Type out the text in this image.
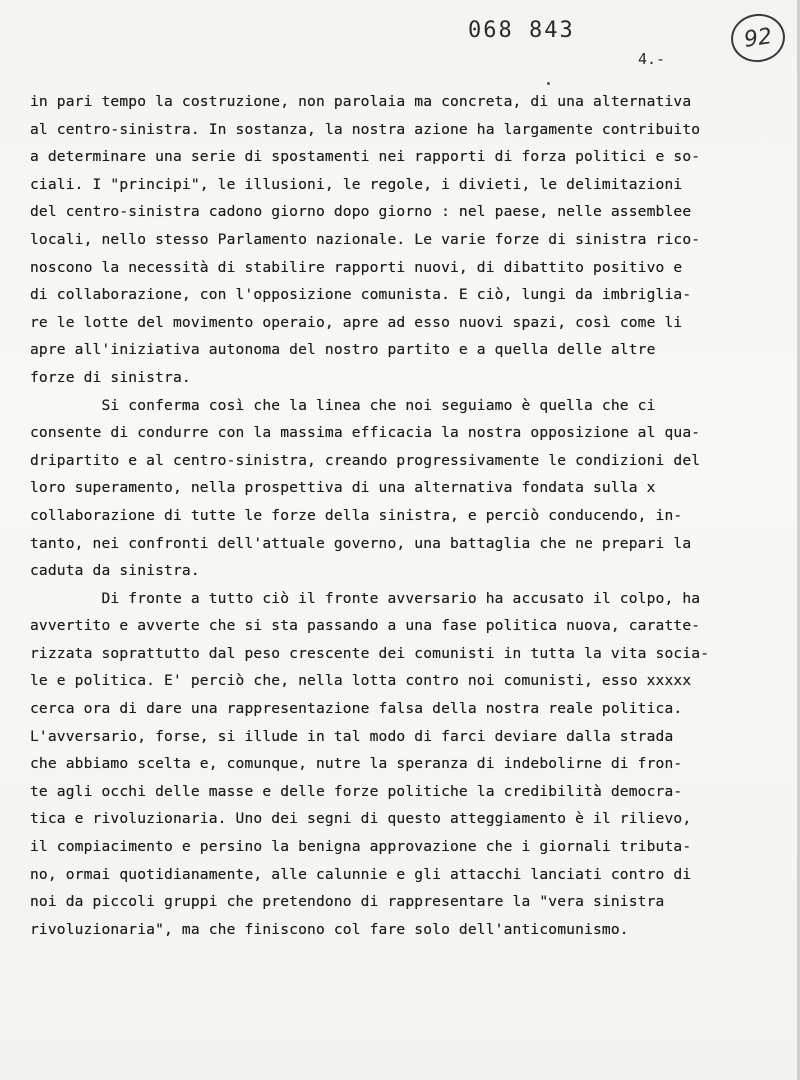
068 843	92
4.-
in pari tempo la costruzione, non parolaia ma concreta, di una alternativa
al centro-sinistra. In sostanza, la nostra azione ha largamente contribuito
a determinare una serie di spostamenti nei rapporti di forza politici e so-
ciali. I "principi", le illusioni, le regole, i divieti, le delimitazioni
del centro-sinistra cadono giorno dopo giorno : nel paese, nelle assemblee
locali, nello stesso Parlamento nazionale. Le varie forze di sinistra rico-
noscono la necessità di stabilire rapporti nuovi, di dibattito positivo e
di collaborazione, con l'opposizione comunista. E ciò, lungi da imbriglia-
re le lotte del movimento operaio, apre ad esso nuovi spazi, così come li
apre all'iniziativa autonoma del nostro partito e a quella delle altre
forze di sinistra.
Si conferma così che la linea che noi seguiamo è quella che ci
consente di condurre con la massima efficacia la nostra opposizione al qua-
dripartito e al centro-sinistra, creando progressivamente le condizioni del
loro superamento, nella prospettiva di una alternativa fondata sulla x
collaborazione di tutte le forze della sinistra, e perciò conducendo, in-
tanto, nei confronti dell'attuale governo, una battaglia che ne prepari la
caduta da sinistra.
Di fronte a tutto ciò il fronte avversario ha accusato il colpo, ha
avvertito e avverte che si sta passando a una fase politica nuova, caratte-
rizzata soprattutto dal peso crescente dei comunisti in tutta la vita socia-
le e politica. E' perciò che, nella lotta contro noi comunisti, esso xxxxx
cerca ora di dare una rappresentazione falsa della nostra reale politica.
L'avversario, forse, si illude in tal modo di farci deviare dalla strada
che abbiamo scelta e, comunque, nutre la speranza di indebolirne di fron-
te agli occhi delle masse e delle forze politiche la credibilità democra-
tica e rivoluzionaria. Uno dei segni di questo atteggiamento è il rilievo,
il compiacimento e persino la benigna approvazione che i giornali tributa-
no, ormai quotidianamente, alle calunnie e gli attacchi lanciati contro di
noi da piccoli gruppi che pretendono di rappresentare la "vera sinistra
rivoluzionaria", ma che finiscono col fare solo dell'anticomunismo.
